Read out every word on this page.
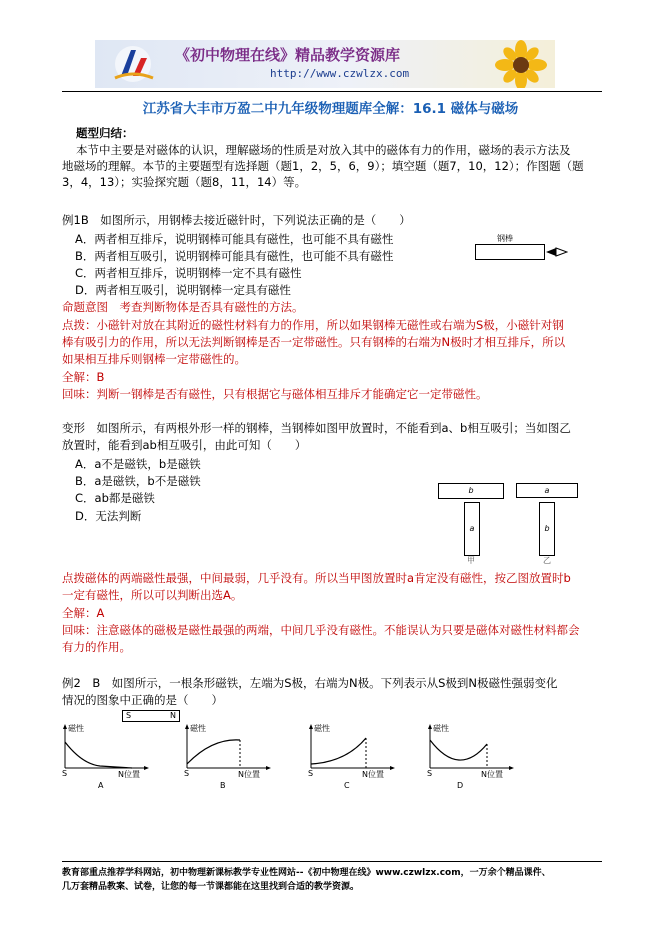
《初中物理在线》精品教学资源库
http://www.czwlzx.com
江苏省大丰市万盈二中九年级物理题库全解：16.1 磁体与磁场
题型归结：
本节中主要是对磁体的认识，理解磁场的性质是对放入其中的磁体有力的作用，磁场的表示方法及
地磁场的理解。本节的主要题型有选择题（题1，2，5，6，9）；填空题（题7，10，12）；作图题（题
3，4，13）；实验探究题（题8，11，14）等。
例1B　如图所示，用钢棒去接近磁针时，下列说法正确的是（　　）
A．两者相互排斥，说明钢棒可能具有磁性，也可能不具有磁性
B．两者相互吸引，说明钢棒可能具有磁性，也可能不具有磁性
C．两者相互排斥，说明钢棒一定不具有磁性
D．两者相互吸引，说明钢棒一定具有磁性
钢棒
命题意图　考查判断物体是否具有磁性的方法。
点拨：小磁针对放在其附近的磁性材料有力的作用，所以如果钢棒无磁性或右端为S极，小磁针对钢
棒有吸引力的作用，所以无法判断钢棒是否一定带磁性。只有钢棒的右端为N极时才相互排斥，所以
如果相互排斥则钢棒一定带磁性的。
全解：B
回味：判断一钢棒是否有磁性，只有根据它与磁体相互排斥才能确定它一定带磁性。
变形　如图所示，有两根外形一样的钢棒，当钢棒如图甲放置时，不能看到a、b相互吸引；当如图乙
放置时，能看到ab相互吸引，由此可知（　　）
A．a不是磁铁，b是磁铁
B．a是磁铁，b不是磁铁
C．ab都是磁铁
D．无法判断
b
a
甲
a
b
乙
点拨磁体的两端磁性最强，中间最弱，几乎没有。所以当甲图放置时a肯定没有磁性，按乙图放置时b
一定有磁性，所以可以判断出选A。
全解：A
回味：注意磁体的磁极是磁性最强的两端，中间几乎没有磁性。不能误认为只要是磁体对磁性材料都会
有力的作用。
例2　B　如图所示，一根条形磁铁，左端为S极，右端为N极。下列表示从S极到N极磁性强弱变化
情况的图象中正确的是（　　）
S	N
磁性
S	N位置
A
磁性
S	N位置
B
磁性
S	N位置
C
磁性
S	N位置
D
教育部重点推荐学科网站，初中物理新课标教学专业性网站--《初中物理在线》www.czwlzx.com，一万余个精品课件、
几万套精品教案、试卷，让您的每一节课都能在这里找到合适的教学资源。
